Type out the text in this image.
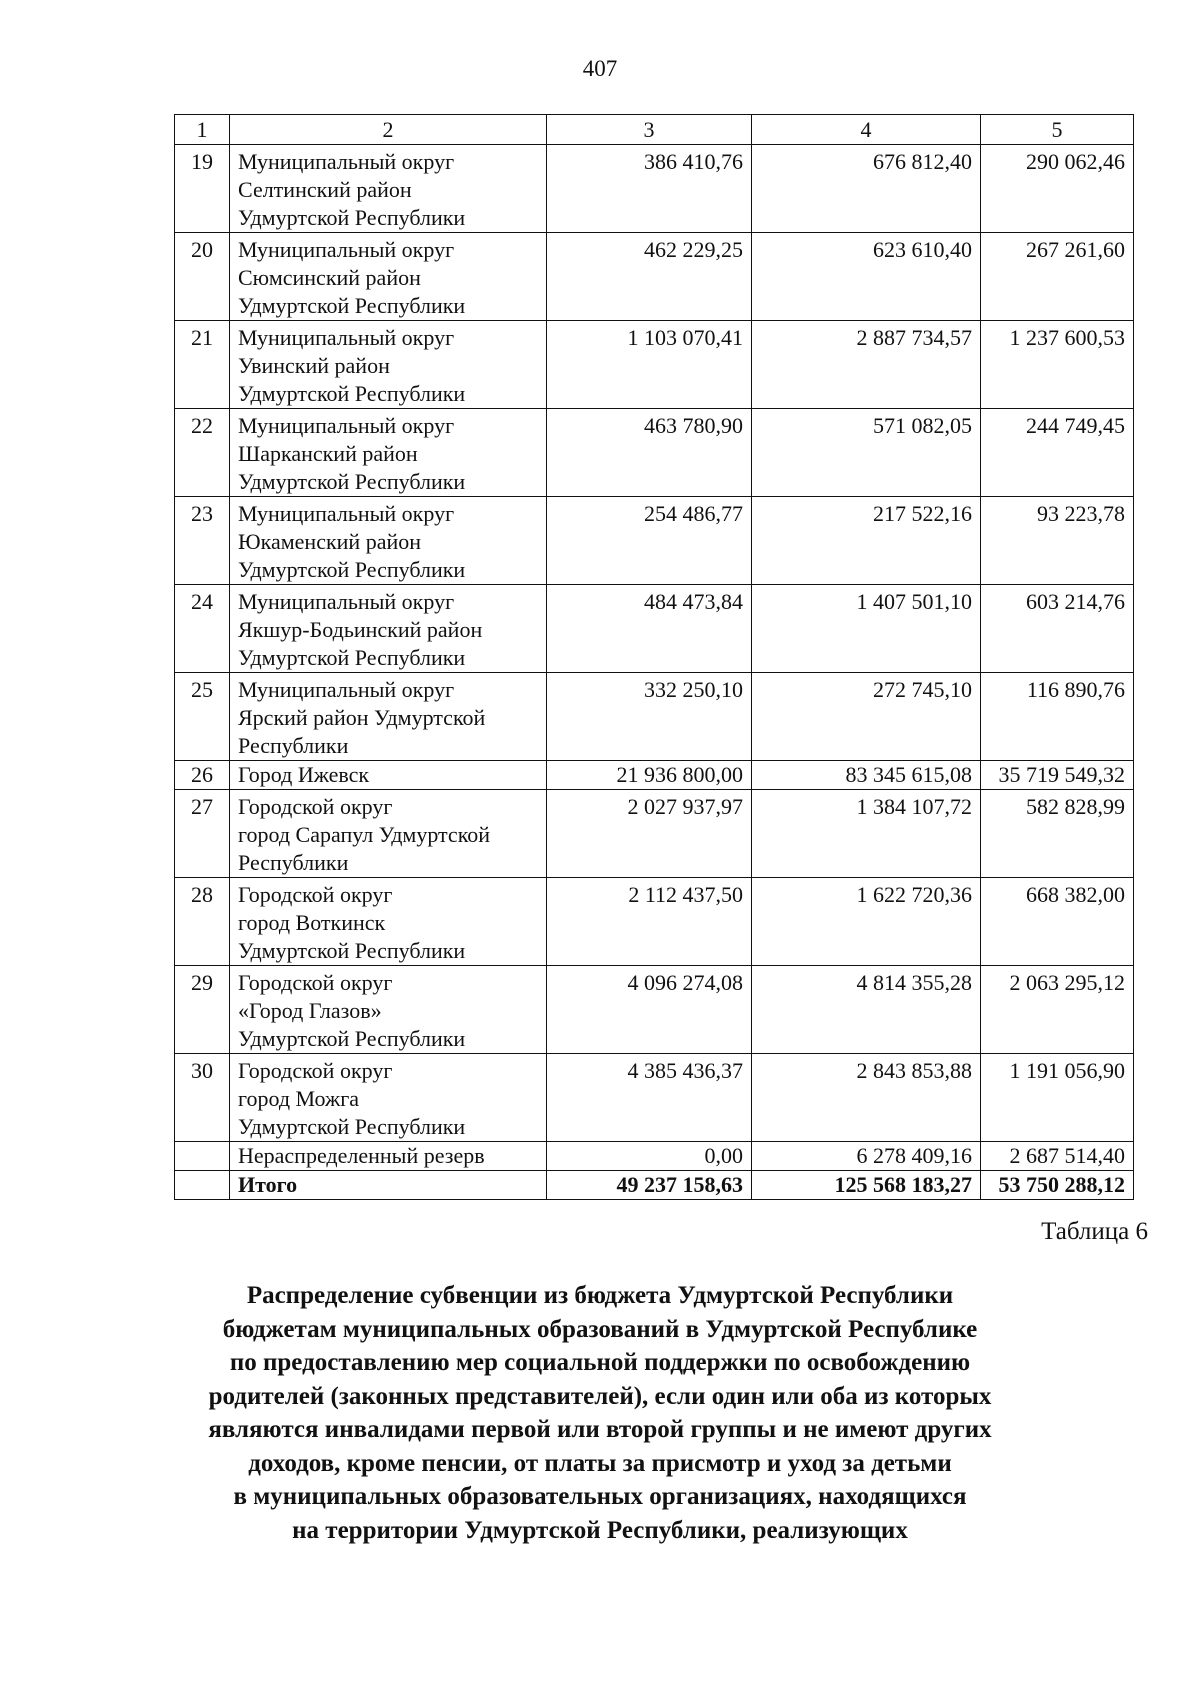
407
1	2	3	4	5
19	Муниципальный округ
Селтинский район
Удмуртской Республики	386 410,76	676 812,40	290 062,46
20	Муниципальный округ
Сюмсинский район
Удмуртской Республики	462 229,25	623 610,40	267 261,60
21	Муниципальный округ
Увинский район
Удмуртской Республики	1 103 070,41	2 887 734,57	1 237 600,53
22	Муниципальный округ
Шарканский район
Удмуртской Республики	463 780,90	571 082,05	244 749,45
23	Муниципальный округ
Юкаменский район
Удмуртской Республики	254 486,77	217 522,16	93 223,78
24	Муниципальный округ
Якшур-Бодьинский район
Удмуртской Республики	484 473,84	1 407 501,10	603 214,76
25	Муниципальный округ
Ярский район Удмуртской
Республики	332 250,10	272 745,10	116 890,76
26	Город Ижевск	21 936 800,00	83 345 615,08	35 719 549,32
27	Городской округ
город Сарапул Удмуртской
Республики	2 027 937,97	1 384 107,72	582 828,99
28	Городской округ
город Воткинск
Удмуртской Республики	2 112 437,50	1 622 720,36	668 382,00
29	Городской округ
«Город Глазов»
Удмуртской Республики	4 096 274,08	4 814 355,28	2 063 295,12
30	Городской округ
город Можга
Удмуртской Республики	4 385 436,37	2 843 853,88	1 191 056,90

	Нераспределенный резерв	0,00	6 278 409,16	2 687 514,40
	Итого	49 237 158,63	125 568 183,27	53 750 288,12
Таблица 6
Распределение субвенции из бюджета Удмуртской Республики
бюджетам муниципальных образований в Удмуртской Республике
по предоставлению мер социальной поддержки по освобождению
родителей (законных представителей), если один или оба из которых
являются инвалидами первой или второй группы и не имеют других
доходов, кроме пенсии, от платы за присмотр и уход за детьми
в муниципальных образовательных организациях, находящихся
на территории Удмуртской Республики, реализующих
